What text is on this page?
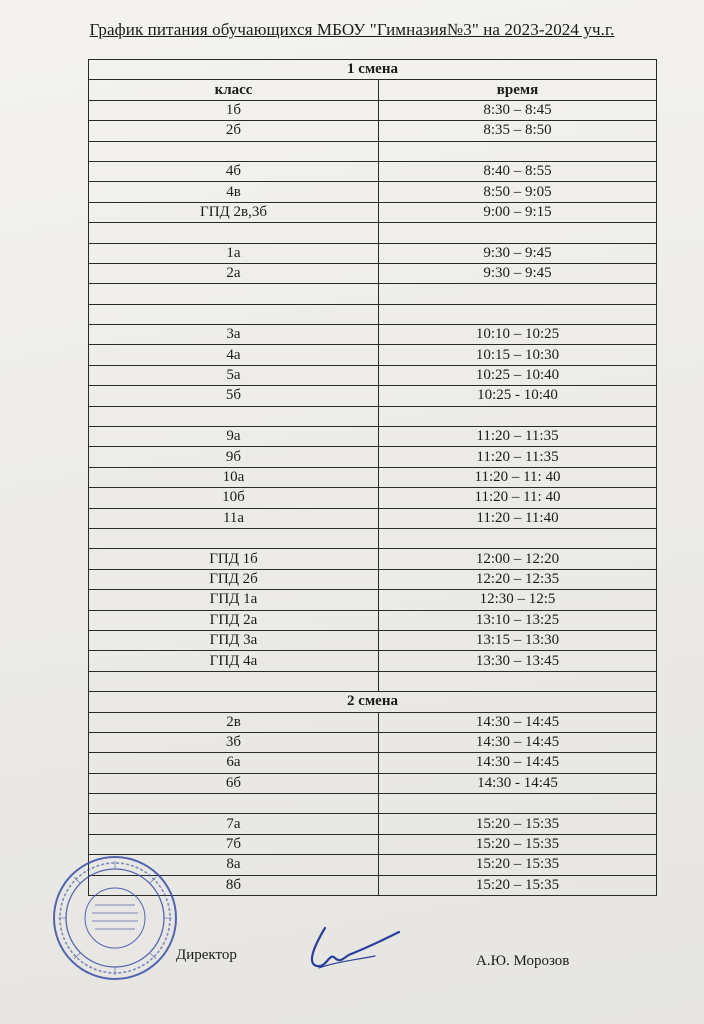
График питания обучающихся МБОУ "Гимназия№3" на 2023-2024 уч.г.
1 смена	
класс	время
1б	8:30 – 8:45
2б	8:35 – 8:50

4б	8:40 – 8:55
4в	8:50 – 9:05
ГПД 2в,3б	9:00 – 9:15

1а	9:30 – 9:45
2а	9:30 – 9:45

3а	10:10 – 10:25
4а	10:15 – 10:30
5а	10:25 – 10:40
5б	10:25 - 10:40

9а	11:20 – 11:35
9б	11:20 – 11:35
10а	11:20 – 11: 40
10б	11:20 – 11: 40
11а	11:20 – 11:40

ГПД 1б	12:00 – 12:20
ГПД 2б	12:20 – 12:35
ГПД 1а	12:30 – 12:5
ГПД 2а	13:10 – 13:25
ГПД 3а	13:15 – 13:30
ГПД 4а	13:30 – 13:45

2 смена	
2в	14:30 – 14:45
3б	14:30 – 14:45
6а	14:30 – 14:45
6б	14:30 - 14:45

7а	15:20 – 15:35
7б	15:20 – 15:35
8а	15:20 – 15:35
8б	15:20 – 15:35
Директор	А.Ю. Морозов
